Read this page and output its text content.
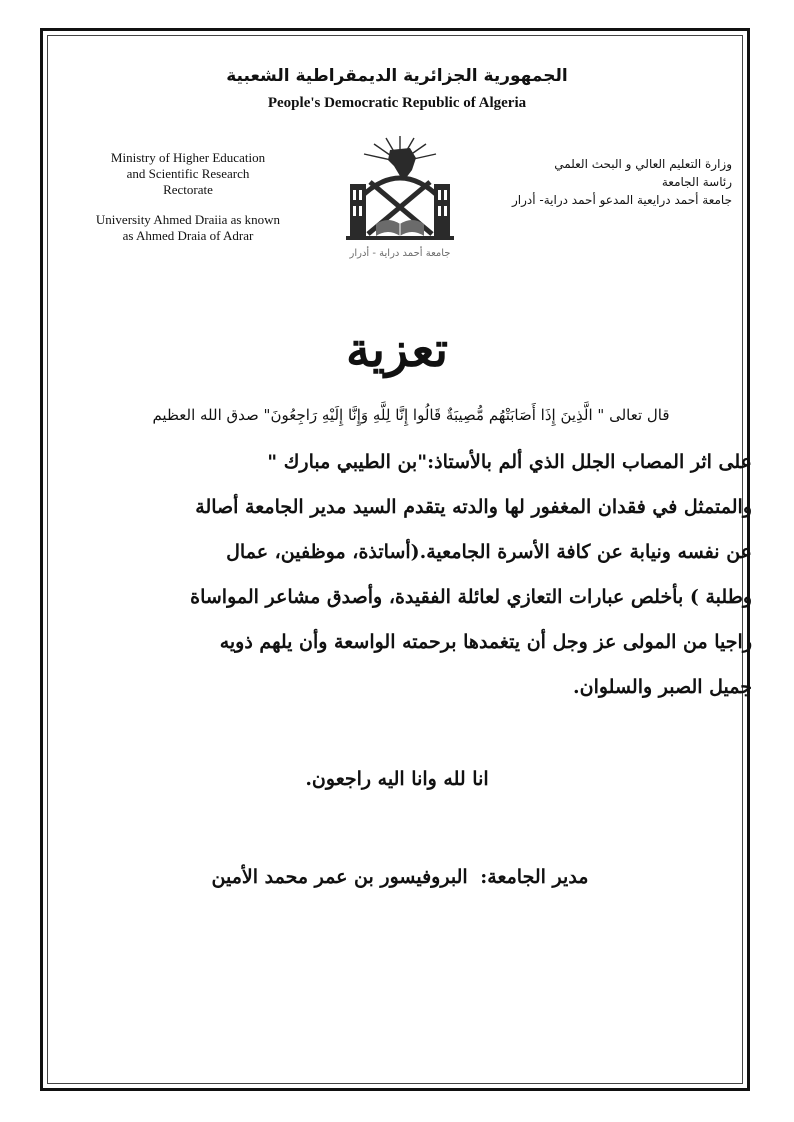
الجمهورية الجزائرية الديمقراطية الشعبية
People's Democratic Republic of Algeria
Ministry of Higher Education
and Scientific Research
Rectorate
University Ahmed Draiia as known
as Ahmed Draia of Adrar
وزارة التعليم العالي و البحث العلمي
رئاسة الجامعة
جامعة أحمد درايعية المدعو أحمد دراية- أدرار
جامعة أحمد دراية - أدرار
تعزية
قال تعالى " الَّذِينَ إِذَا أَصَابَتْهُم مُّصِيبَةٌ قَالُوا إِنَّا لِلَّهِ وَإِنَّا إِلَيْهِ رَاجِعُونَ" صدق الله العظيم
على اثر المصاب الجلل الذي ألم بالأستاذ:"بن الطيبي مبارك "
والمتمثل في فقدان المغفور لها والدته يتقدم السيد مدير الجامعة أصالة
عن نفسه ونيابة عن كافة الأسرة الجامعية.(أساتذة، موظفين، عمال
وطلبة ) بأخلص عبارات التعازي لعائلة الفقيدة، وأصدق مشاعر المواساة
راجيا من المولى عز وجل أن يتغمدها برحمته الواسعة وأن يلهم ذويه
جميل الصبر والسلوان.
انا لله وانا اليه راجعون.
مدير الجامعة: البروفيسور بن عمر محمد الأمين
